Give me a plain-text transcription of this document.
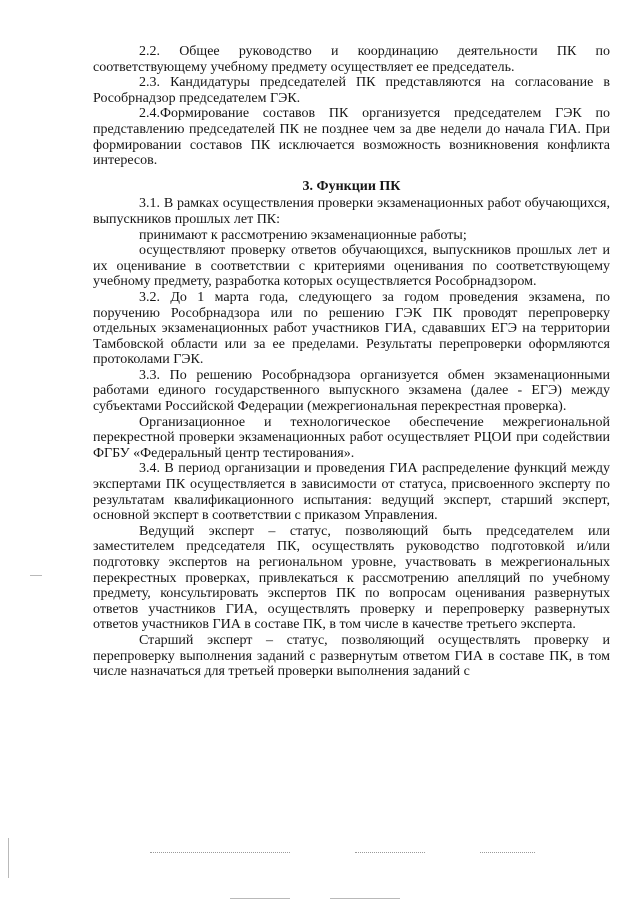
2.2. Общее руководство и координацию деятельности ПК по соответствующему учебному предмету осуществляет ее председатель.

2.3. Кандидатуры председателей ПК представляются на согласование в Рособрнадзор председателем ГЭК.

2.4.Формирование составов ПК организуется председателем ГЭК по представлению председателей ПК не позднее чем за две недели до начала ГИА. При формировании составов ПК исключается возможность возникновения конфликта интересов.

3. Функции ПК

3.1. В рамках осуществления проверки экзаменационных работ обучающихся, выпускников прошлых лет ПК:

принимают к рассмотрению экзаменационные работы;

осуществляют проверку ответов обучающихся, выпускников прошлых лет и их оценивание в соответствии с критериями оценивания по соответствующему учебному предмету, разработка которых осуществляется Рособрнадзором.

3.2. До 1 марта года, следующего за годом проведения экзамена, по поручению Рособрнадзора или по решению ГЭК ПК проводят перепроверку отдельных экзаменационных работ участников ГИА, сдававших ЕГЭ на территории Тамбовской области или за ее пределами. Результаты перепроверки оформляются протоколами ГЭК.

3.3. По решению Рособрнадзора организуется обмен экзаменационными работами единого государственного выпускного экзамена (далее - ЕГЭ) между субъектами Российской Федерации (межрегиональная перекрестная проверка).

Организационное и технологическое обеспечение межрегиональной перекрестной проверки экзаменационных работ осуществляет РЦОИ при содействии ФГБУ «Федеральный центр тестирования».

3.4. В период организации и проведения ГИА распределение функций между экспертами ПК осуществляется в зависимости от статуса, присвоенного эксперту по результатам квалификационного испытания: ведущий эксперт, старший эксперт, основной эксперт в соответствии с приказом Управления.

Ведущий эксперт – статус, позволяющий быть председателем или заместителем председателя ПК, осуществлять руководство подготовкой и/или подготовку экспертов на региональном уровне, участвовать в межрегиональных перекрестных проверках, привлекаться к рассмотрению апелляций по учебному предмету, консультировать экспертов ПК по вопросам оценивания развернутых ответов участников ГИА, осуществлять проверку и перепроверку развернутых ответов участников ГИА в составе ПК, в том числе в качестве третьего эксперта.

Старший эксперт – статус, позволяющий осуществлять проверку и перепроверку выполнения заданий с развернутым ответом ГИА в составе ПК, в том числе назначаться для третьей проверки выполнения заданий с
